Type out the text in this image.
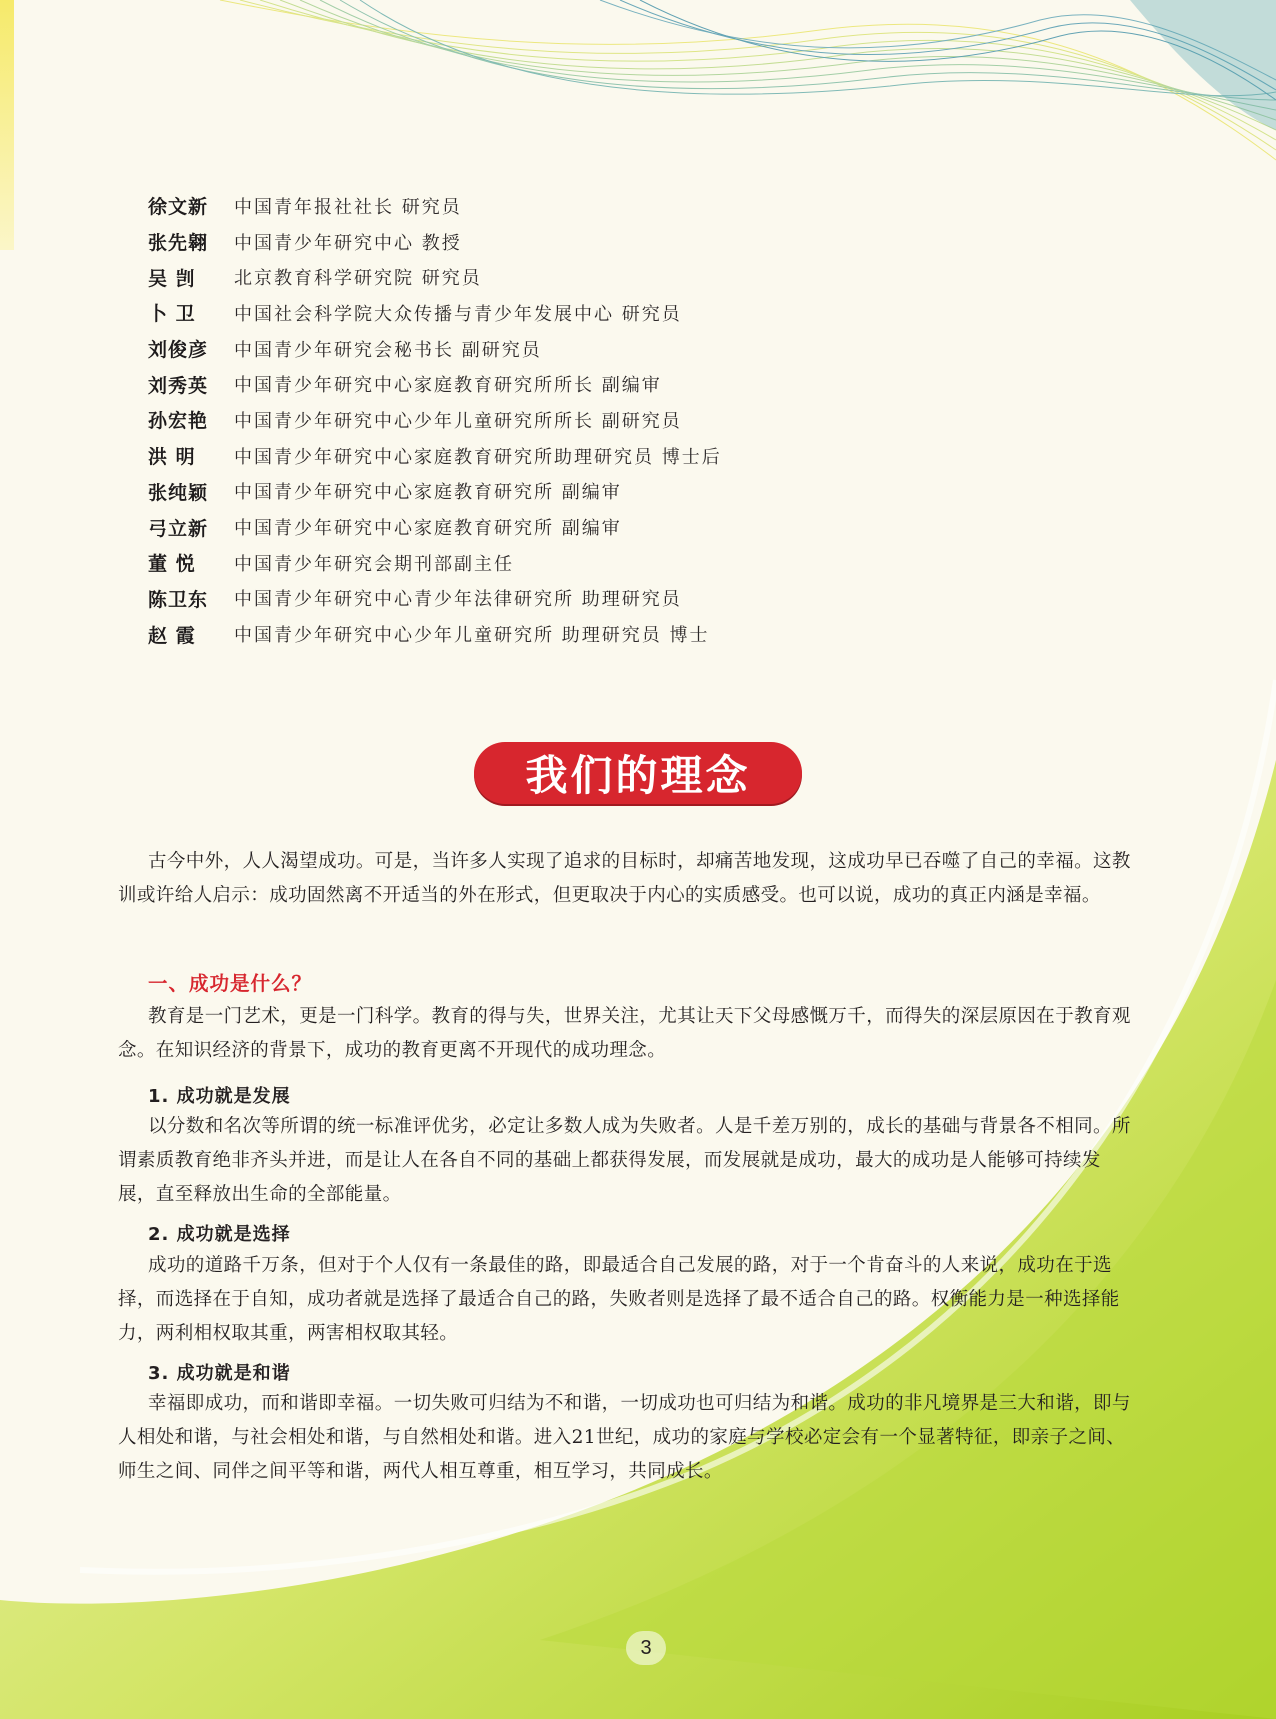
徐文新 中国青年报社社长 研究员
张先翱 中国青少年研究中心 教授
吴 剀	北京教育科学研究院 研究员
卜 卫	中国社会科学院大众传播与青少年发展中心 研究员
刘俊彦 中国青少年研究会秘书长 副研究员
刘秀英 中国青少年研究中心家庭教育研究所所长 副编审
孙宏艳 中国青少年研究中心少年儿童研究所所长 副研究员
洪 明	中国青少年研究中心家庭教育研究所助理研究员 博士后
张纯颖 中国青少年研究中心家庭教育研究所 副编审
弓立新 中国青少年研究中心家庭教育研究所 副编审
董 悦	中国青少年研究会期刊部副主任
陈卫东 中国青少年研究中心青少年法律研究所 助理研究员
赵 霞	中国青少年研究中心少年儿童研究所 助理研究员 博士
我们的理念

古今中外，人人渴望成功。可是，当许多人实现了追求的目标时，却痛苦地发现，这成功早已吞噬了自己的幸福。这教训或许给人启示：成功固然离不开适当的外在形式，但更取决于内心的实质感受。也可以说，成功的真正内涵是幸福。

一、成功是什么？

教育是一门艺术，更是一门科学。教育的得与失，世界关注，尤其让天下父母感慨万千，而得失的深层原因在于教育观念。在知识经济的背景下，成功的教育更离不开现代的成功理念。

1. 成功就是发展

以分数和名次等所谓的统一标准评优劣，必定让多数人成为失败者。人是千差万别的，成长的基础与背景各不相同。所谓素质教育绝非齐头并进，而是让人在各自不同的基础上都获得发展，而发展就是成功，最大的成功是人能够可持续发展，直至释放出生命的全部能量。

2. 成功就是选择

成功的道路千万条，但对于个人仅有一条最佳的路，即最适合自己发展的路，对于一个肯奋斗的人来说，成功在于选择，而选择在于自知，成功者就是选择了最适合自己的路，失败者则是选择了最不适合自己的路。权衡能力是一种选择能力，两利相权取其重，两害相权取其轻。

3. 成功就是和谐

幸福即成功，而和谐即幸福。一切失败可归结为不和谐，一切成功也可归结为和谐。成功的非凡境界是三大和谐，即与人相处和谐，与社会相处和谐，与自然相处和谐。进入21世纪，成功的家庭与学校必定会有一个显著特征，即亲子之间、师生之间、同伴之间平等和谐，两代人相互尊重，相互学习，共同成长。

3
